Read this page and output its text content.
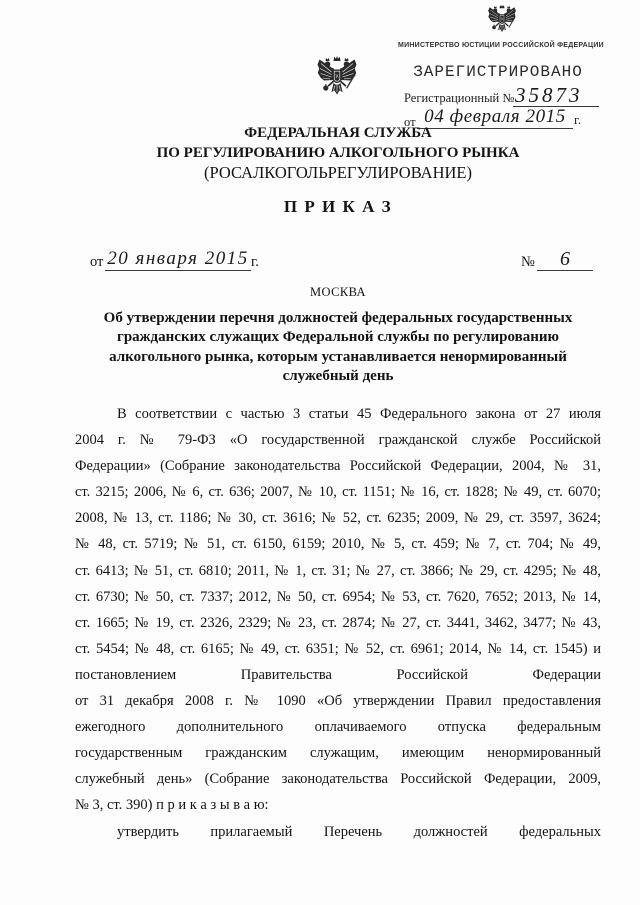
МИНИСТЕРСТВО ЮСТИЦИИ РОССИЙСКОЙ ФЕДЕРАЦИИ
ЗАРЕГИСТРИРОВАНО
Регистрационный № 35873
от 04 февраля 2015 г.
ФЕДЕРАЛЬНАЯ СЛУЖБА
ПО РЕГУЛИРОВАНИЮ АЛКОГОЛЬНОГО РЫНКА
(РОСАЛКОГОЛЬРЕГУЛИРОВАНИЕ)
П Р И К А З
от 20 января 2015 г.	№	6
МОСКВА
Об утверждении перечня должностей федеральных государственных
гражданских служащих Федеральной службы по регулированию
алкогольного рынка, которым устанавливается ненормированный
служебный день
В соответствии с частью 3 статьи 45 Федерального закона от 27 июля
2004 г. № 79-ФЗ «О государственной гражданской службе Российской
Федерации» (Собрание законодательства Российской Федерации, 2004, № 31,
ст. 3215; 2006, № 6, ст. 636; 2007, № 10, ст. 1151; № 16, ст. 1828; № 49, ст. 6070;
2008, № 13, ст. 1186; № 30, ст. 3616; № 52, ст. 6235; 2009, № 29, ст. 3597, 3624;
№ 48, ст. 5719; № 51, ст. 6150, 6159; 2010, № 5, ст. 459; № 7, ст. 704; № 49,
ст. 6413; № 51, ст. 6810; 2011, № 1, ст. 31; № 27, ст. 3866; № 29, ст. 4295; № 48,
ст. 6730; № 50, ст. 7337; 2012, № 50, ст. 6954; № 53, ст. 7620, 7652; 2013, № 14,
ст. 1665; № 19, ст. 2326, 2329; № 23, ст. 2874; № 27, ст. 3441, 3462, 3477; № 43,
ст. 5454; № 48, ст. 6165; № 49, ст. 6351; № 52, ст. 6961; 2014, № 14, ст. 1545) и
постановлением Правительства Российской Федерации
от 31 декабря 2008 г. № 1090 «Об утверждении Правил предоставления
ежегодного дополнительного оплачиваемого отпуска федеральным
государственным гражданским служащим, имеющим ненормированный
служебный день» (Собрание законодательства Российской Федерации, 2009,
№ 3, ст. 390) п р и к а з ы в а ю:
утвердить прилагаемый Перечень должностей федеральных
